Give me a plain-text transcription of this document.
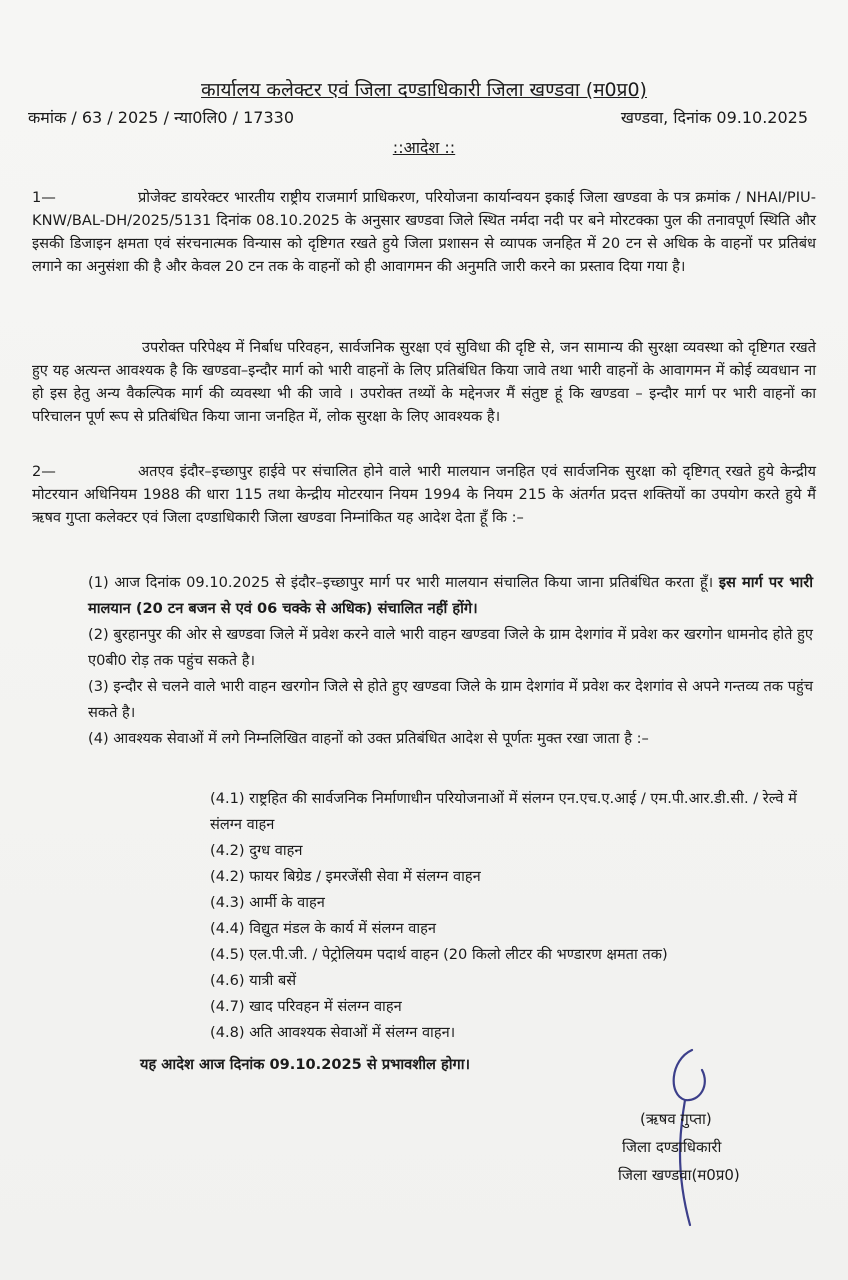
कार्यालय कलेक्टर एवं जिला दण्डाधिकारी जिला खण्डवा (म0प्र0)
कमांक / 63 / 2025 / न्या0लि0 / 17330	खण्डवा, दिनांक 09.10.2025
::आदेश ::

1—	प्रोजेक्ट डायरेक्टर भारतीय राष्ट्रीय राजमार्ग प्राधिकरण, परियोजना कार्यान्वयन इकाई जिला खण्डवा के पत्र क्रमांक / NHAI/PIU-KNW/BAL-DH/2025/5131 दिनांक 08.10.2025 के अनुसार खण्डवा जिले स्थित नर्मदा नदी पर बने मोरटक्का पुल की तनावपूर्ण स्थिति और इसकी डिजाइन क्षमता एवं संरचनात्मक विन्यास को दृष्टिगत रखते हुये जिला प्रशासन से व्यापक जनहित में 20 टन से अधिक के वाहनों पर प्रतिबंध लगाने का अनुसंशा की है और केवल 20 टन तक के वाहनों को ही आवागमन की अनुमति जारी करने का प्रस्ताव दिया गया है।

उपरोक्त परिपेक्ष्य में निर्बाध परिवहन, सार्वजनिक सुरक्षा एवं सुविधा की दृष्टि से, जन सामान्य की सुरक्षा व्यवस्था को दृष्टिगत रखते हुए यह अत्यन्त आवश्यक है कि खण्डवा–इन्दौर मार्ग को भारी वाहनों के लिए प्रतिबंधित किया जावे तथा भारी वाहनों के आवागमन में कोई व्यवधान ना हो इस हेतु अन्य वैकल्पिक मार्ग की व्यवस्था भी की जावे । उपरोक्त तथ्यों के मद्देनजर मैं संतुष्ट हूं कि खण्डवा – इन्दौर मार्ग पर भारी वाहनों का परिचालन पूर्ण रूप से प्रतिबंधित किया जाना जनहित में, लोक सुरक्षा के लिए आवश्यक है।

2—	अतएव इंदौर–इच्छापुर हाईवे पर संचालित होने वाले भारी मालयान जनहित एवं सार्वजनिक सुरक्षा को दृष्टिगत् रखते हुये केन्द्रीय मोटरयान अधिनियम 1988 की धारा 115 तथा केन्द्रीय मोटरयान नियम 1994 के नियम 215 के अंतर्गत प्रदत्त शक्तियों का उपयोग करते हुये मैं ऋषव गुप्ता कलेक्टर एवं जिला दण्डाधिकारी जिला खण्डवा निम्नांकित यह आदेश देता हूँ कि :–

(1) आज दिनांक 09.10.2025 से इंदौर–इच्छापुर मार्ग पर भारी मालयान संचालित किया जाना प्रतिबंधित करता हूँ। इस मार्ग पर भारी मालयान (20 टन बजन से एवं 06 चक्के से अधिक) संचालित नहीं होंगे।

(2) बुरहानपुर की ओर से खण्डवा जिले में प्रवेश करने वाले भारी वाहन खण्डवा जिले के ग्राम देशगांव में प्रवेश कर खरगोन धामनोद होते हुए ए0बी0 रोड़ तक पहुंच सकते है।

(3) इन्दौर से चलने वाले भारी वाहन खरगोन जिले से होते हुए खण्डवा जिले के ग्राम देशगांव में प्रवेश कर देशगांव से अपने गन्तव्य तक पहुंच सकते है।

(4) आवश्यक सेवाओं में लगे निम्नलिखित वाहनों को उक्त प्रतिबंधित आदेश से पूर्णतः मुक्त रखा जाता है :–

(4.1) राष्ट्रहित की सार्वजनिक निर्माणाधीन परियोजनाओं में संलग्न एन.एच.ए.आई / एम.पी.आर.डी.सी. / रेल्वे में संलग्न वाहन

(4.2) दुग्ध वाहन

(4.2) फायर बिग्रेड / इमरजेंसी सेवा में संलग्न वाहन

(4.3) आर्मी के वाहन

(4.4) विद्युत मंडल के कार्य में संलग्न वाहन

(4.5) एल.पी.जी. / पेट्रोलियम पदार्थ वाहन (20 किलो लीटर की भण्डारण क्षमता तक)

(4.6) यात्री बसें

(4.7) खाद परिवहन में संलग्न वाहन

(4.8) अति आवश्यक सेवाओं में संलग्न वाहन।

यह आदेश आज दिनांक 09.10.2025 से प्रभावशील होगा।
(ऋषव गुप्ता)
जिला दण्डाधिकारी
जिला खण्डवा(म0प्र0)
